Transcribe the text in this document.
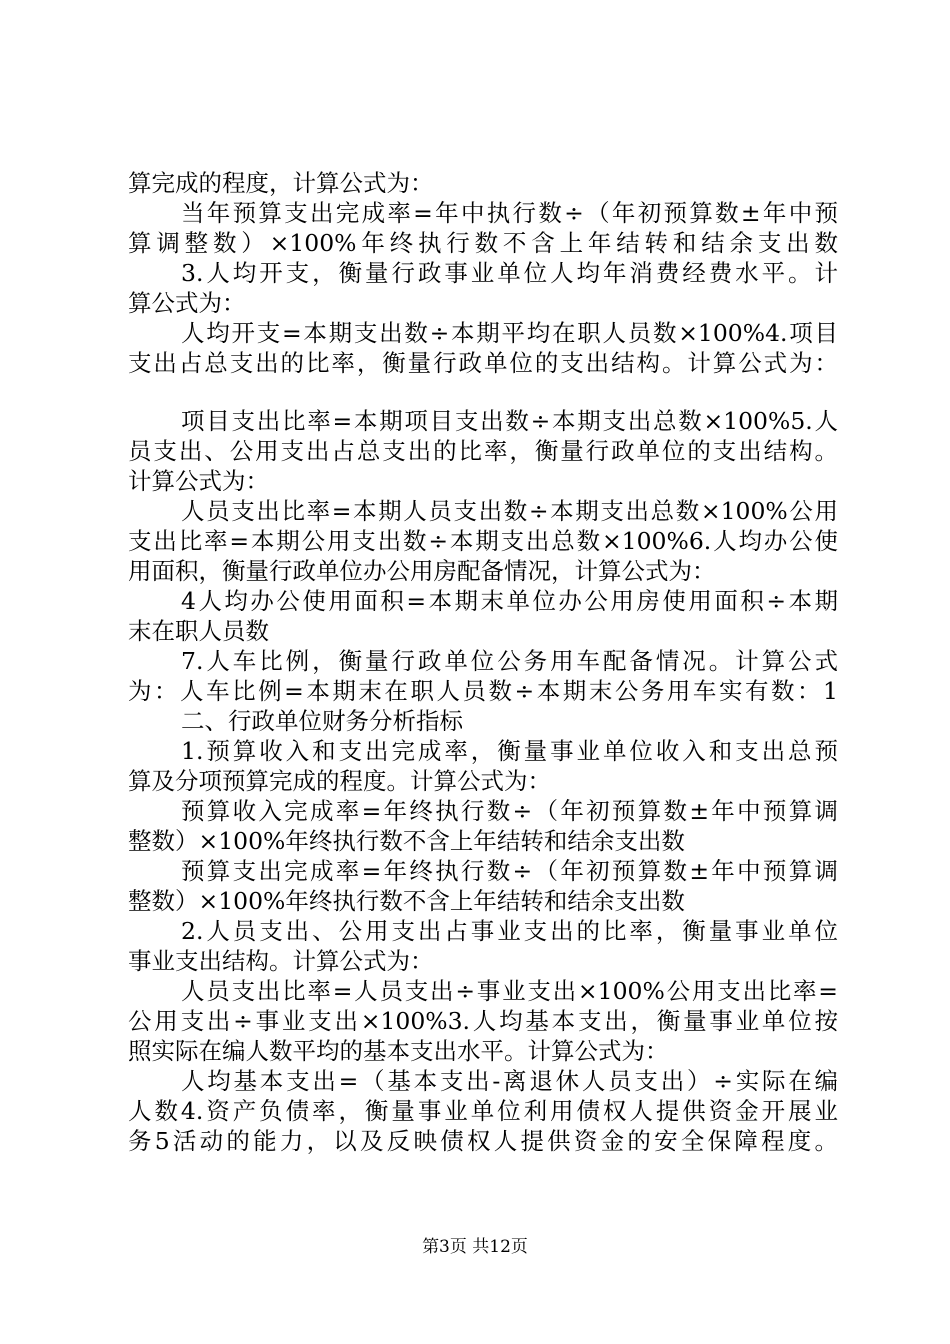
算完成的程度，计算公式为：
当年预算支出完成率=年中执行数÷（年初预算数±年中预
算调整数）×100%年终执行数不含上年结转和结余支出数
3.人均开支，衡量行政事业单位人均年消费经费水平。计
算公式为：
人均开支=本期支出数÷本期平均在职人员数×100%4.项目
支出占总支出的比率，衡量行政单位的支出结构。计算公式为：
项目支出比率=本期项目支出数÷本期支出总数×100%5.人
员支出、公用支出占总支出的比率，衡量行政单位的支出结构。
计算公式为：
人员支出比率=本期人员支出数÷本期支出总数×100%公用
支出比率=本期公用支出数÷本期支出总数×100%6.人均办公使
用面积，衡量行政单位办公用房配备情况，计算公式为：
4人均办公使用面积=本期末单位办公用房使用面积÷本期
末在职人员数
7.人车比例，衡量行政单位公务用车配备情况。计算公式
为：人车比例=本期末在职人员数÷本期末公务用车实有数：1
二、行政单位财务分析指标
1.预算收入和支出完成率，衡量事业单位收入和支出总预
算及分项预算完成的程度。计算公式为：
预算收入完成率=年终执行数÷（年初预算数±年中预算调
整数）×100%年终执行数不含上年结转和结余支出数
预算支出完成率=年终执行数÷（年初预算数±年中预算调
整数）×100%年终执行数不含上年结转和结余支出数
2.人员支出、公用支出占事业支出的比率，衡量事业单位
事业支出结构。计算公式为：
人员支出比率=人员支出÷事业支出×100%公用支出比率=
公用支出÷事业支出×100%3.人均基本支出，衡量事业单位按
照实际在编人数平均的基本支出水平。计算公式为：
人均基本支出=（基本支出-离退休人员支出）÷实际在编
人数4.资产负债率，衡量事业单位利用债权人提供资金开展业
务5活动的能力，以及反映债权人提供资金的安全保障程度。
第3页 共12页
